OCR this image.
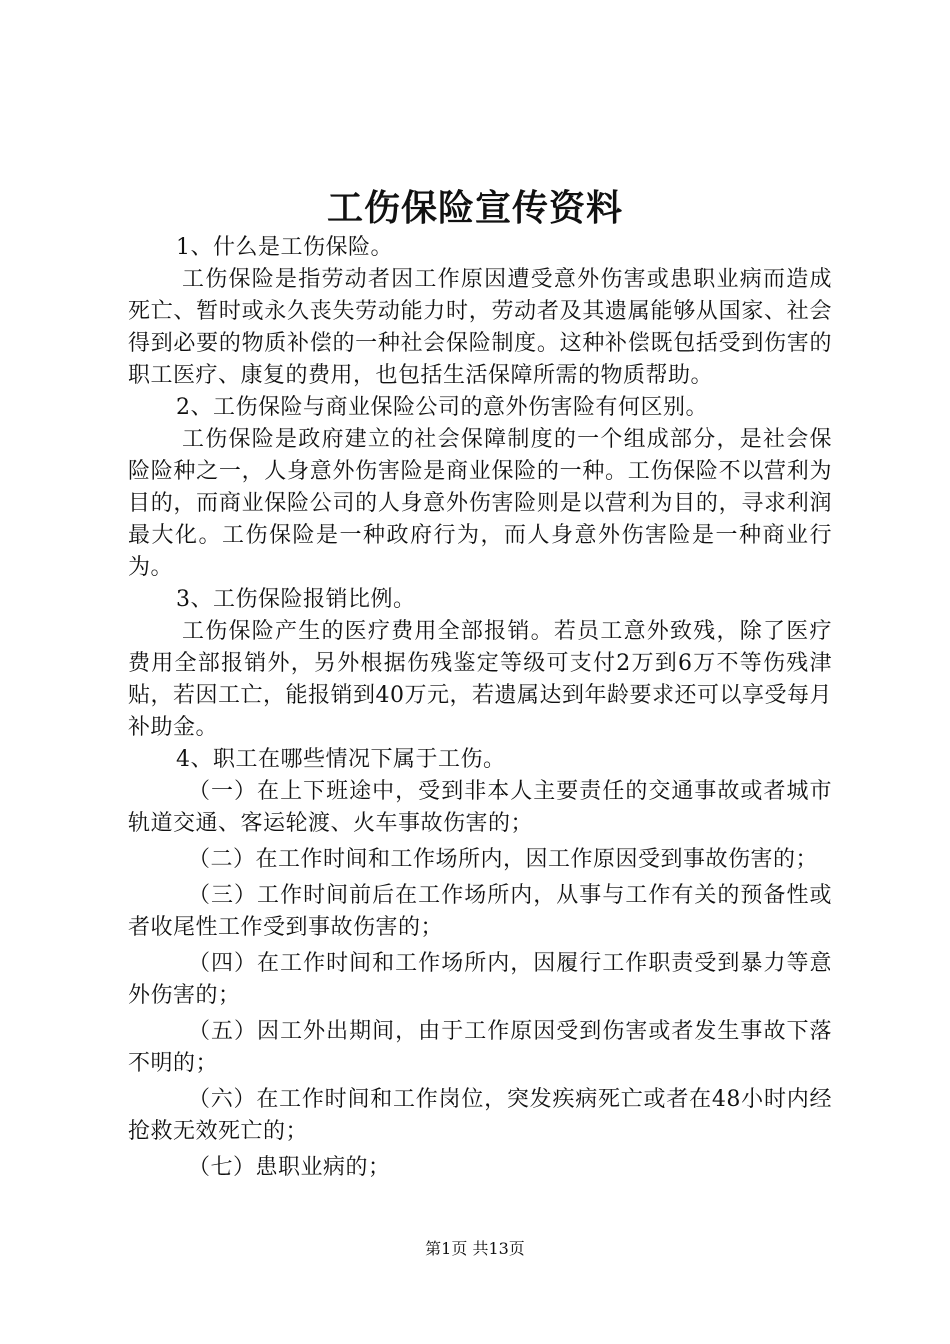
工伤保险宣传资料

1、什么是工伤保险。

工伤保险是指劳动者因工作原因遭受意外伤害或患职业病而造成死亡、暂时或永久丧失劳动能力时，劳动者及其遗属能够从国家、社会得到必要的物质补偿的一种社会保险制度。这种补偿既包括受到伤害的职工医疗、康复的费用，也包括生活保障所需的物质帮助。

2、工伤保险与商业保险公司的意外伤害险有何区别。

工伤保险是政府建立的社会保障制度的一个组成部分，是社会保险险种之一，人身意外伤害险是商业保险的一种。工伤保险不以营利为目的，而商业保险公司的人身意外伤害险则是以营利为目的，寻求利润最大化。工伤保险是一种政府行为，而人身意外伤害险是一种商业行为。

3、工伤保险报销比例。

工伤保险产生的医疗费用全部报销。若员工意外致残，除了医疗费用全部报销外，另外根据伤残鉴定等级可支付2万到6万不等伤残津贴，若因工亡，能报销到40万元，若遗属达到年龄要求还可以享受每月补助金。

4、职工在哪些情况下属于工伤。

（一）在上下班途中，受到非本人主要责任的交通事故或者城市轨道交通、客运轮渡、火车事故伤害的；

（二）在工作时间和工作场所内，因工作原因受到事故伤害的；

（三）工作时间前后在工作场所内，从事与工作有关的预备性或者收尾性工作受到事故伤害的；

（四）在工作时间和工作场所内，因履行工作职责受到暴力等意外伤害的；

（五）因工外出期间，由于工作原因受到伤害或者发生事故下落不明的；

（六）在工作时间和工作岗位，突发疾病死亡或者在48小时内经抢救无效死亡的；

（七）患职业病的；

第1页 共13页
